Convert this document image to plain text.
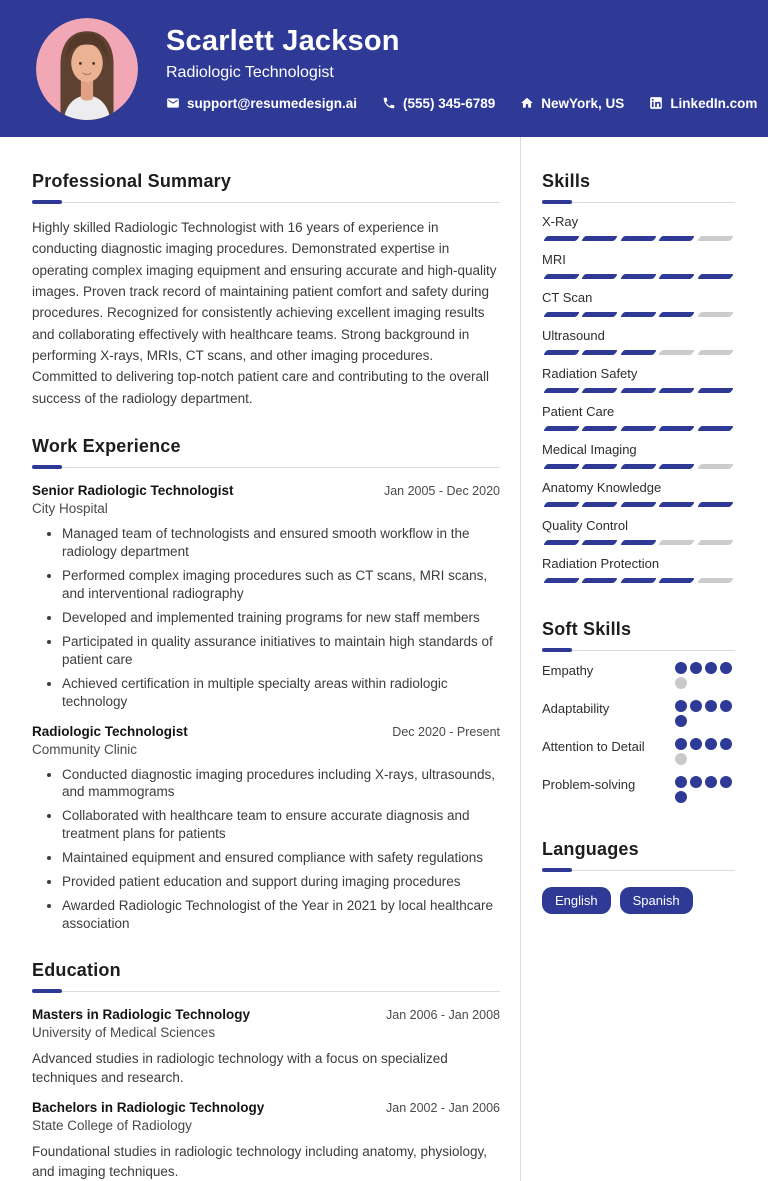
Scarlett Jackson
Radiologic Technologist
support@resumedesign.ai	(555) 345-6789	NewYork, US	LinkedIn.com
Professional Summary

Highly skilled Radiologic Technologist with 16 years of experience in conducting diagnostic imaging procedures. Demonstrated expertise in operating complex imaging equipment and ensuring accurate and high-quality images. Proven track record of maintaining patient comfort and safety during procedures. Recognized for consistently achieving excellent imaging results and collaborating effectively with healthcare teams. Strong background in performing X-rays, MRIs, CT scans, and other imaging procedures. Committed to delivering top-notch patient care and contributing to the overall success of the radiology department.

Work Experience
Senior Radiologic Technologist	Jan 2005 - Dec 2020
City Hospital
• Managed team of technologists and ensured smooth workflow in the radiology department
• Performed complex imaging procedures such as CT scans, MRI scans, and interventional radiography
• Developed and implemented training programs for new staff members
• Participated in quality assurance initiatives to maintain high standards of patient care
• Achieved certification in multiple specialty areas within radiologic technology
Radiologic Technologist	Dec 2020 - Present
Community Clinic
• Conducted diagnostic imaging procedures including X-rays, ultrasounds, and mammograms
• Collaborated with healthcare team to ensure accurate diagnosis and treatment plans for patients
• Maintained equipment and ensured compliance with safety regulations
• Provided patient education and support during imaging procedures
• Awarded Radiologic Technologist of the Year in 2021 by local healthcare association
Education
Masters in Radiologic Technology	Jan 2006 - Jan 2008
University of Medical Sciences

Advanced studies in radiologic technology with a focus on specialized techniques and research.

Bachelors in Radiologic Technology	Jan 2002 - Jan 2006
State College of Radiology

Foundational studies in radiologic technology including anatomy, physiology, and imaging techniques.

Skills
X-Ray
MRI
CT Scan
Ultrasound
Radiation Safety
Patient Care
Medical Imaging
Anatomy Knowledge
Quality Control
Radiation Protection
Soft Skills
Empathy
Adaptability
Attention to Detail
Problem-solving
Languages
English	Spanish
